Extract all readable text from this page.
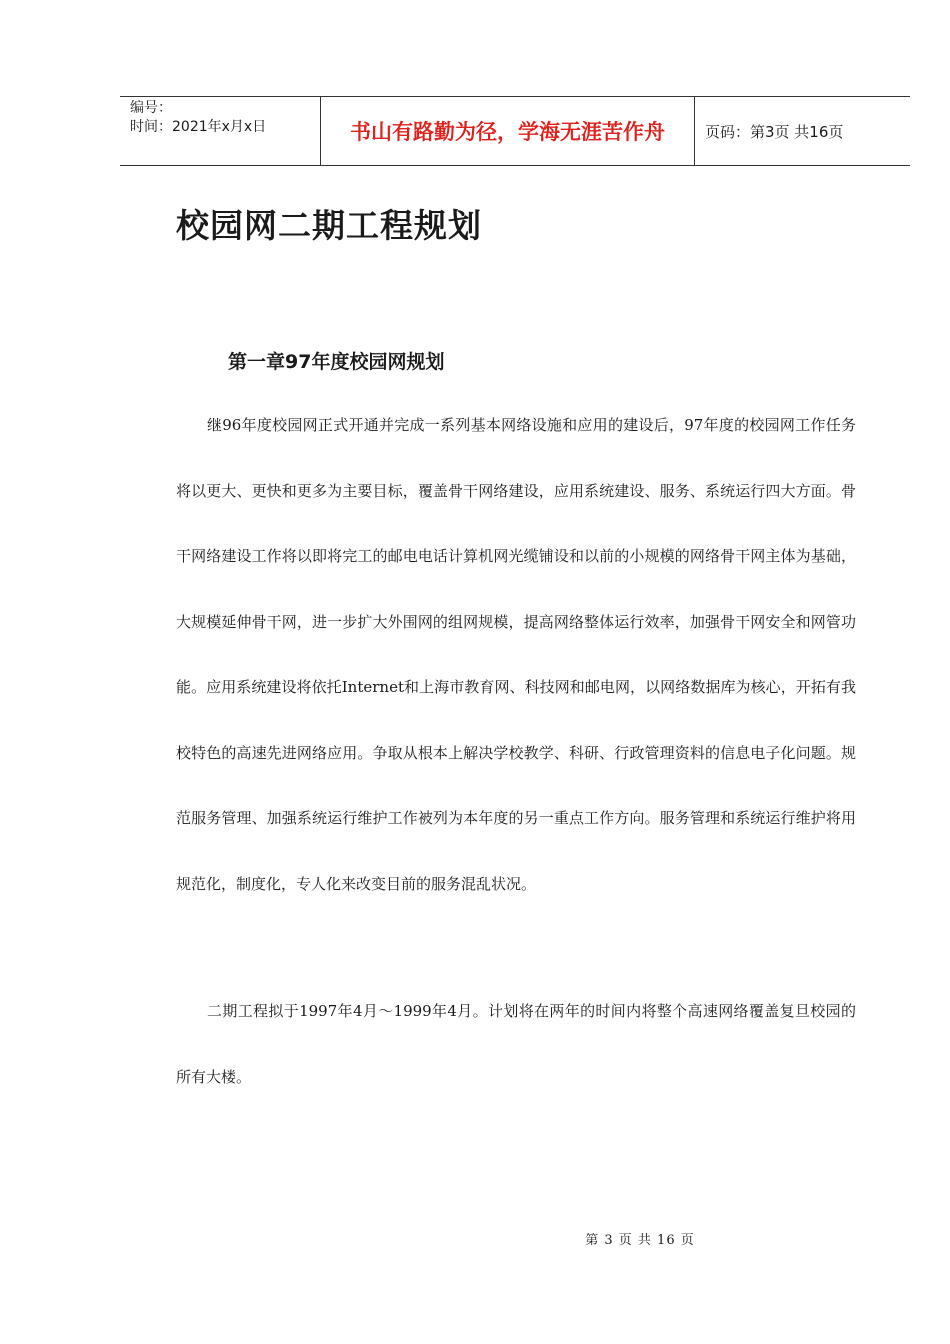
编号：
时间：2021年x月x日	书山有路勤为径，学海无涯苦作舟	页码：第3页 共16页
校园网二期工程规划
第一章97年度校园网规划

继96年度校园网正式开通并完成一系列基本网络设施和应用的建设后，97年度的校园网工作任务将以更大、更快和更多为主要目标，覆盖骨干网络建设，应用系统建设、服务、系统运行四大方面。骨干网络建设工作将以即将完工的邮电电话计算机网光缆铺设和以前的小规模的网络骨干网主体为基础，大规模延伸骨干网，进一步扩大外围网的组网规模，提高网络整体运行效率，加强骨干网安全和网管功能。应用系统建设将依托Internet和上海市教育网、科技网和邮电网，以网络数据库为核心，开拓有我校特色的高速先进网络应用。争取从根本上解决学校教学、科研、行政管理资料的信息电子化问题。规范服务管理、加强系统运行维护工作被列为本年度的另一重点工作方向。服务管理和系统运行维护将用规范化，制度化，专人化来改变目前的服务混乱状况。

二期工程拟于1997年4月～1999年4月。计划将在两年的时间内将整个高速网络覆盖复旦校园的所有大楼。

第 3 页 共 16 页
